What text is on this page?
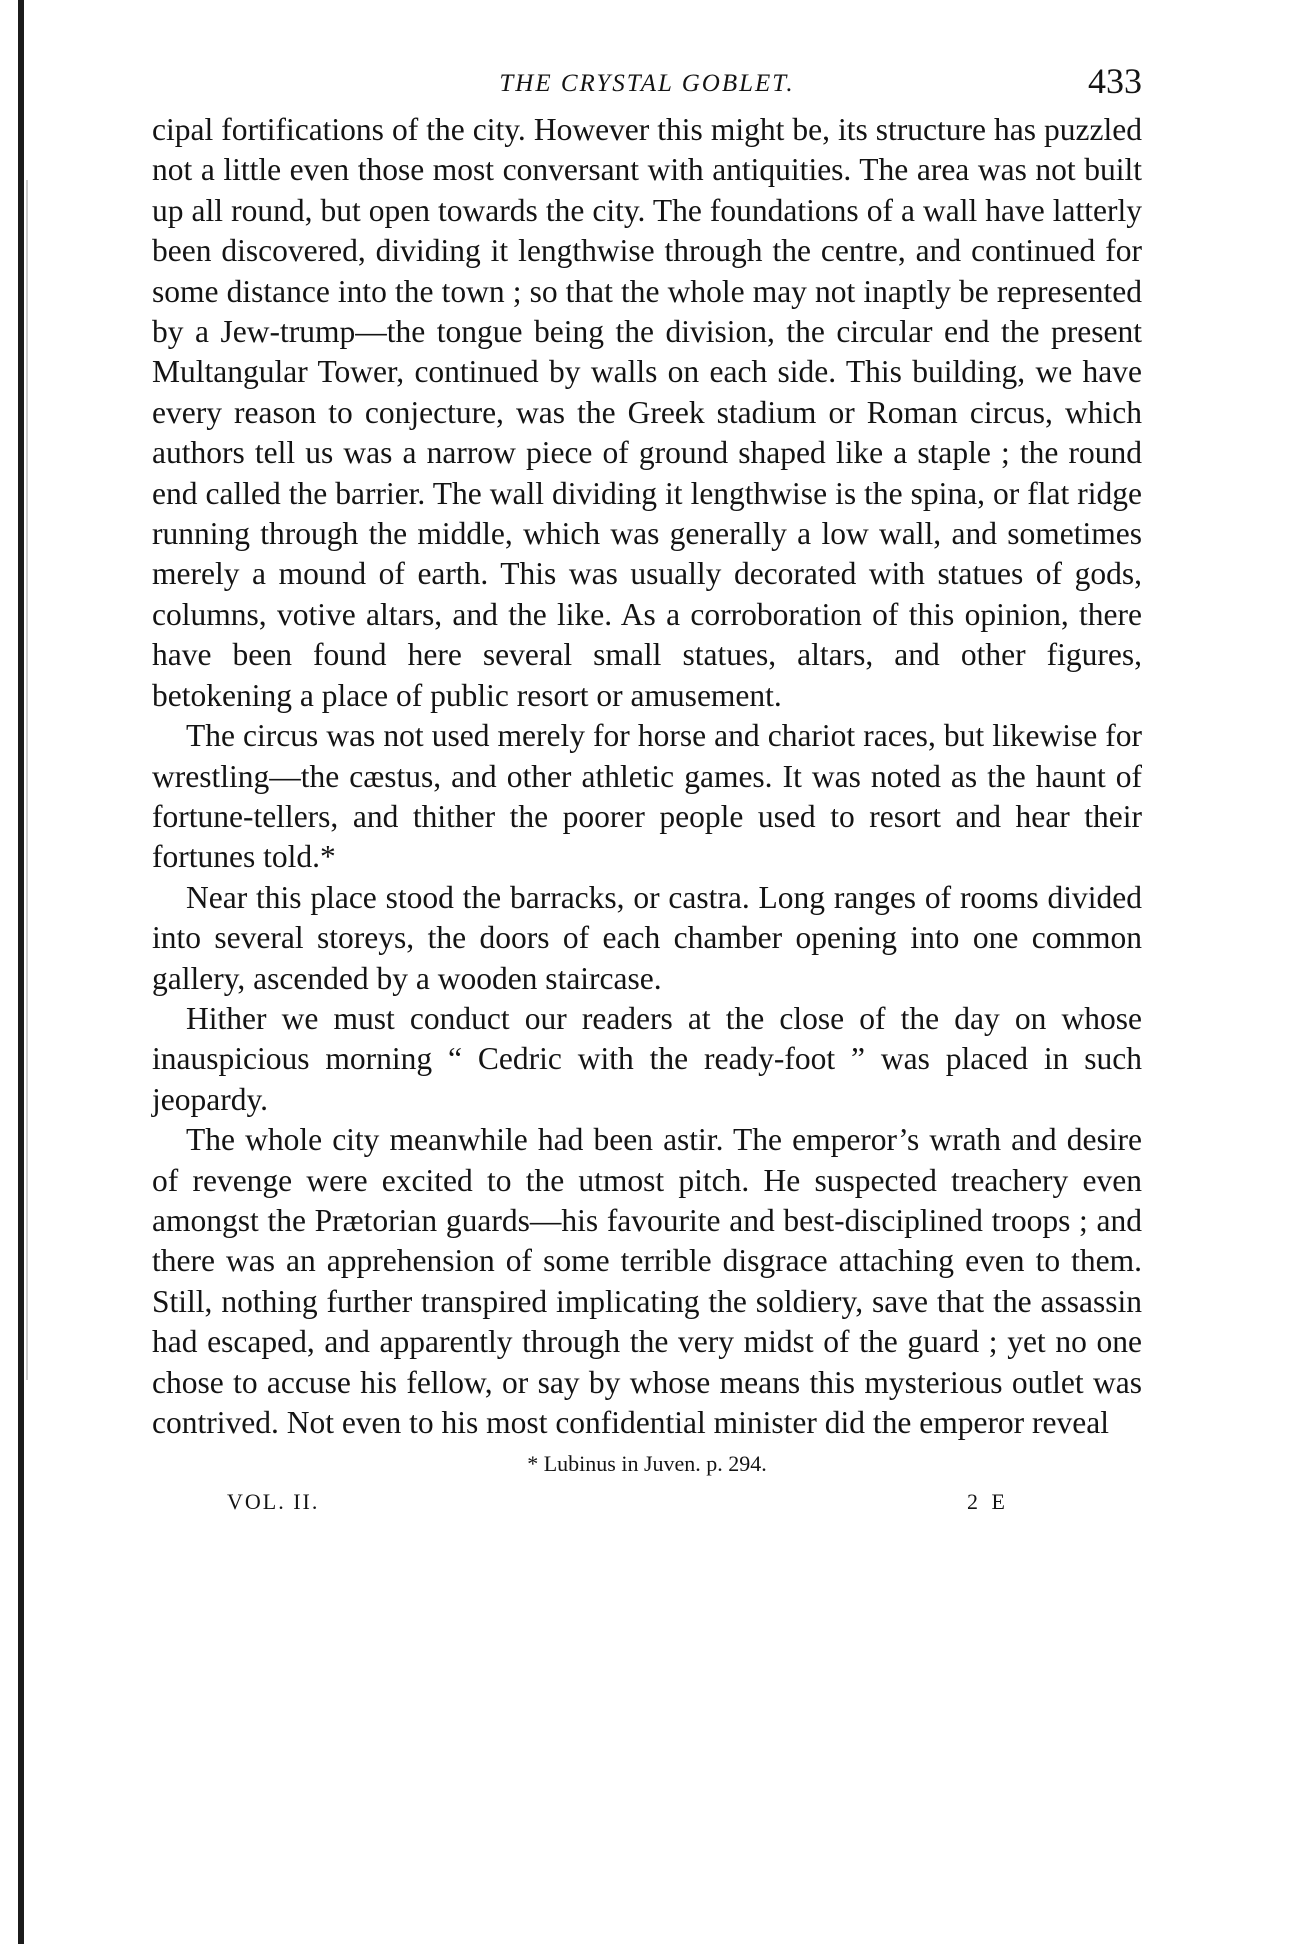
THE CRYSTAL GOBLET.	433

cipal fortifications of the city. However this might be, its structure has puzzled not a little even those most conversant with antiquities. The area was not built up all round, but open towards the city. The foundations of a wall have latterly been discovered, dividing it lengthwise through the centre, and continued for some distance into the town ; so that the whole may not inaptly be represented by a Jew-trump—the tongue being the division, the circular end the present Multangular Tower, continued by walls on each side. This building, we have every reason to conjecture, was the Greek stadium or Roman circus, which authors tell us was a narrow piece of ground shaped like a staple ; the round end called the barrier. The wall dividing it lengthwise is the spina, or flat ridge running through the middle, which was generally a low wall, and sometimes merely a mound of earth. This was usually decorated with statues of gods, columns, votive altars, and the like. As a corroboration of this opinion, there have been found here several small statues, altars, and other figures, betokening a place of public resort or amusement.

The circus was not used merely for horse and chariot races, but likewise for wrestling—the cæstus, and other athletic games. It was noted as the haunt of fortune-tellers, and thither the poorer people used to resort and hear their fortunes told.*

Near this place stood the barracks, or castra. Long ranges of rooms divided into several storeys, the doors of each chamber opening into one common gallery, ascended by a wooden staircase.

Hither we must conduct our readers at the close of the day on whose inauspicious morning “ Cedric with the ready-foot ” was placed in such jeopardy.

The whole city meanwhile had been astir. The emperor’s wrath and desire of revenge were excited to the utmost pitch. He suspected treachery even amongst the Prætorian guards—his favourite and best-disciplined troops ; and there was an apprehension of some terrible disgrace attaching even to them. Still, nothing further transpired implicating the soldiery, save that the assassin had escaped, and apparently through the very midst of the guard ; yet no one chose to accuse his fellow, or say by whose means this mysterious outlet was contrived. Not even to his most confidential minister did the emperor reveal

* Lubinus in Juven. p. 294.
VOL. II.	2 E
